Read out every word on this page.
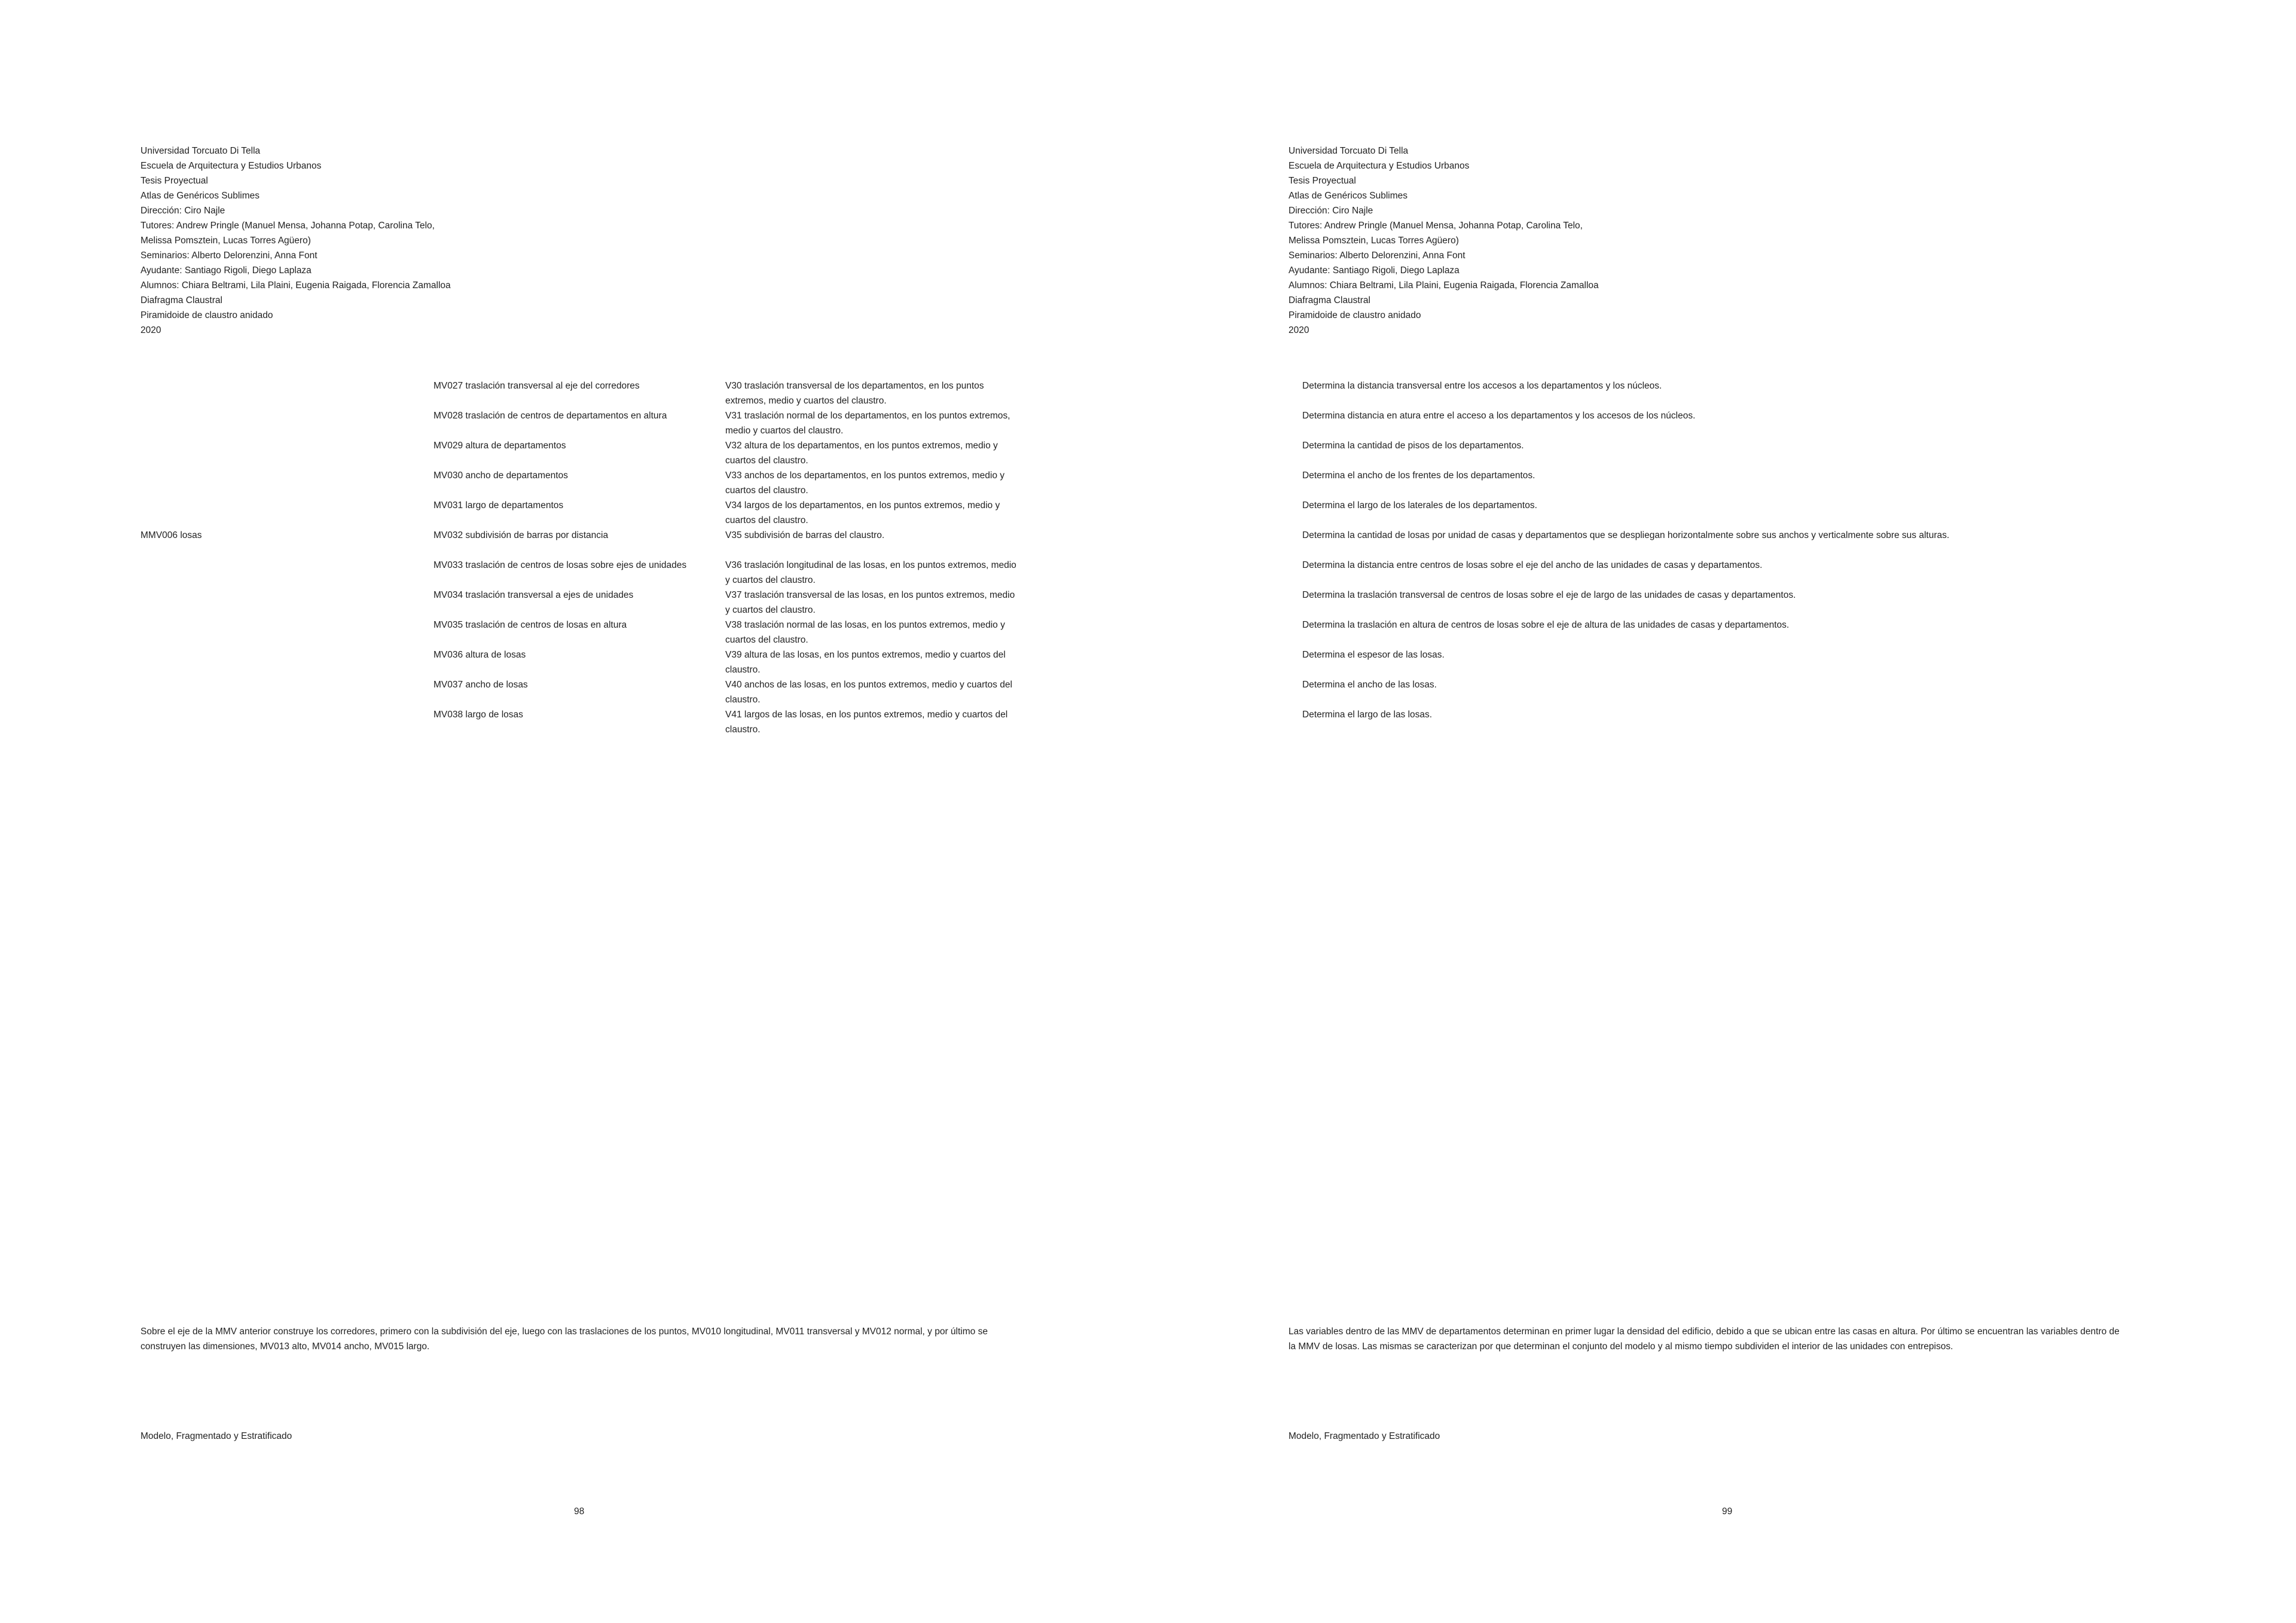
Universidad Torcuato Di Tella
Escuela de Arquitectura y Estudios Urbanos
Tesis Proyectual
Atlas de Genéricos Sublimes
Dirección: Ciro Najle
Tutores: Andrew Pringle (Manuel Mensa, Johanna Potap, Carolina Telo,
Melissa Pomsztein, Lucas Torres Agüero)
Seminarios: Alberto Delorenzini, Anna Font
Ayudante: Santiago Rigoli, Diego Laplaza
Alumnos: Chiara Beltrami, Lila Plaini, Eugenia Raigada, Florencia Zamalloa
Diafragma Claustral
Piramidoide de claustro anidado
2020
MV027 traslación transversal al eje del corredores	V30 traslación transversal de los departamentos, en los puntos extremos, medio y cuartos del claustro.
MV028 traslación de centros de departamentos en altura	V31 traslación normal de los departamentos, en los puntos extremos, medio y cuartos del claustro.
MV029 altura de departamentos	V32 altura de los departamentos, en los puntos extremos, medio y cuartos del claustro.
MV030 ancho de departamentos	V33 anchos de los departamentos, en los puntos extremos, medio y cuartos del claustro.
MV031 largo de departamentos	V34 largos de los departamentos, en los puntos extremos, medio y cuartos del claustro.
MMV006 losas	MV032 subdivisión de barras por distancia	V35 subdivisión de barras del claustro.
MV033 traslación de centros de losas sobre ejes de unidades	V36 traslación longitudinal de las losas, en los puntos extremos, medio y cuartos del claustro.
MV034 traslación transversal a ejes de unidades	V37 traslación transversal de las losas, en los puntos extremos, medio y cuartos del claustro.
MV035 traslación de centros de losas en altura	V38 traslación normal de las losas, en los puntos extremos, medio y cuartos del claustro.
MV036 altura de losas	V39 altura de las losas, en los puntos extremos, medio y cuartos del claustro.
MV037 ancho de losas	V40 anchos de las losas, en los puntos extremos, medio y cuartos del claustro.
MV038 largo de losas	V41 largos de las losas, en los puntos extremos, medio y cuartos del claustro.
Sobre el eje de la MMV anterior construye los corredores, primero con la subdivisión del eje, luego con las traslaciones de los puntos, MV010 longitudinal, MV011 transversal y MV012 normal, y por último se construyen las dimensiones, MV013 alto, MV014 ancho, MV015 largo.
Modelo, Fragmentado y Estratificado
98
Universidad Torcuato Di Tella
Escuela de Arquitectura y Estudios Urbanos
Tesis Proyectual
Atlas de Genéricos Sublimes
Dirección: Ciro Najle
Tutores: Andrew Pringle (Manuel Mensa, Johanna Potap, Carolina Telo,
Melissa Pomsztein, Lucas Torres Agüero)
Seminarios: Alberto Delorenzini, Anna Font
Ayudante: Santiago Rigoli, Diego Laplaza
Alumnos: Chiara Beltrami, Lila Plaini, Eugenia Raigada, Florencia Zamalloa
Diafragma Claustral
Piramidoide de claustro anidado
2020
Determina la distancia transversal entre los accesos a los departamentos y los núcleos.
Determina distancia en atura entre el acceso a los departamentos y los accesos de los núcleos.
Determina la cantidad de pisos de los departamentos.
Determina el ancho de los frentes de los departamentos.
Determina el largo de los laterales de los departamentos.
Determina la cantidad de losas por unidad de casas y departamentos que se despliegan horizontalmente sobre sus anchos y verticalmente sobre sus alturas.
Determina la distancia entre centros de losas sobre el eje del ancho de las unidades de casas y departamentos.
Determina la traslación transversal de centros de losas sobre el eje de largo de las unidades de casas y departamentos.
Determina la traslación en altura de centros de losas sobre el eje de altura de las unidades de casas y departamentos.
Determina el espesor de las losas.
Determina el ancho de las losas.
Determina el largo de las losas.
Las variables dentro de las MMV de departamentos determinan en primer lugar la densidad del edificio, debido a que se ubican entre las casas en altura. Por último se encuentran las variables dentro de la MMV de losas. Las mismas se caracterizan por que determinan el conjunto del modelo y al mismo tiempo subdividen el interior de las unidades con entrepisos.
Modelo, Fragmentado y Estratificado
99
